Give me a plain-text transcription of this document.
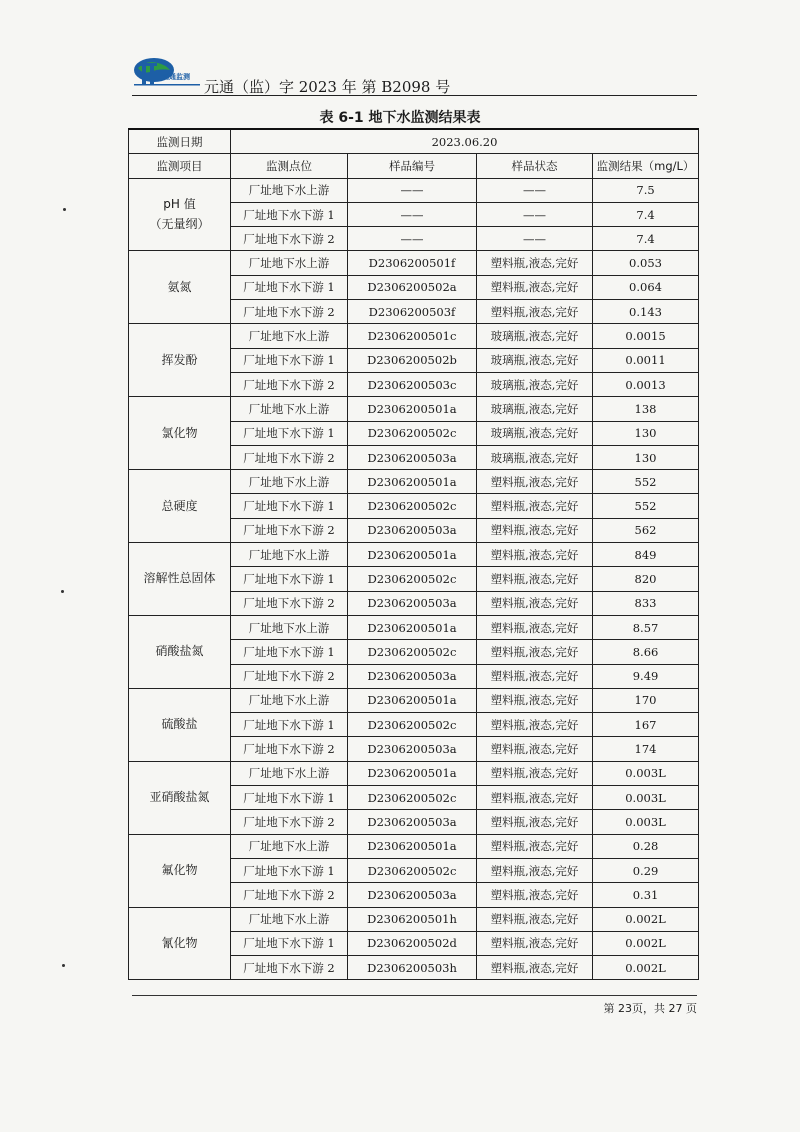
元通监测
元通（监）字 2023 年 第 B2098 号
表 6-1 地下水监测结果表
监测日期	2023.06.20			
监测项目	监测点位	样品编号	样品状态	监测结果（mg/L）

pH 值
（无量纲）	厂址地下水上游	——	——	7.5
	厂址地下水下游 1	——	——	7.4
	厂址地下水下游 2	——	——	7.4

氨氮	厂址地下水上游	D2306200501f	塑料瓶,液态,完好	0.053
	厂址地下水下游 1	D2306200502a	塑料瓶,液态,完好	0.064
	厂址地下水下游 2	D2306200503f	塑料瓶,液态,完好	0.143

挥发酚	厂址地下水上游	D2306200501c	玻璃瓶,液态,完好	0.0015
	厂址地下水下游 1	D2306200502b	玻璃瓶,液态,完好	0.0011
	厂址地下水下游 2	D2306200503c	玻璃瓶,液态,完好	0.0013

氯化物	厂址地下水上游	D2306200501a	玻璃瓶,液态,完好	138
	厂址地下水下游 1	D2306200502c	玻璃瓶,液态,完好	130
	厂址地下水下游 2	D2306200503a	玻璃瓶,液态,完好	130

总硬度	厂址地下水上游	D2306200501a	塑料瓶,液态,完好	552
	厂址地下水下游 1	D2306200502c	塑料瓶,液态,完好	552
	厂址地下水下游 2	D2306200503a	塑料瓶,液态,完好	562

溶解性总固体	厂址地下水上游	D2306200501a	塑料瓶,液态,完好	849
	厂址地下水下游 1	D2306200502c	塑料瓶,液态,完好	820
	厂址地下水下游 2	D2306200503a	塑料瓶,液态,完好	833

硝酸盐氮	厂址地下水上游	D2306200501a	塑料瓶,液态,完好	8.57
	厂址地下水下游 1	D2306200502c	塑料瓶,液态,完好	8.66
	厂址地下水下游 2	D2306200503a	塑料瓶,液态,完好	9.49

硫酸盐	厂址地下水上游	D2306200501a	塑料瓶,液态,完好	170
	厂址地下水下游 1	D2306200502c	塑料瓶,液态,完好	167
	厂址地下水下游 2	D2306200503a	塑料瓶,液态,完好	174

亚硝酸盐氮	厂址地下水上游	D2306200501a	塑料瓶,液态,完好	0.003L
	厂址地下水下游 1	D2306200502c	塑料瓶,液态,完好	0.003L
	厂址地下水下游 2	D2306200503a	塑料瓶,液态,完好	0.003L

氟化物	厂址地下水上游	D2306200501a	塑料瓶,液态,完好	0.28
	厂址地下水下游 1	D2306200502c	塑料瓶,液态,完好	0.29
	厂址地下水下游 2	D2306200503a	塑料瓶,液态,完好	0.31

氰化物	厂址地下水上游	D2306200501h	塑料瓶,液态,完好	0.002L
	厂址地下水下游 1	D2306200502d	塑料瓶,液态,完好	0.002L
	厂址地下水下游 2	D2306200503h	塑料瓶,液态,完好	0.002L
第 23页，共 27 页
